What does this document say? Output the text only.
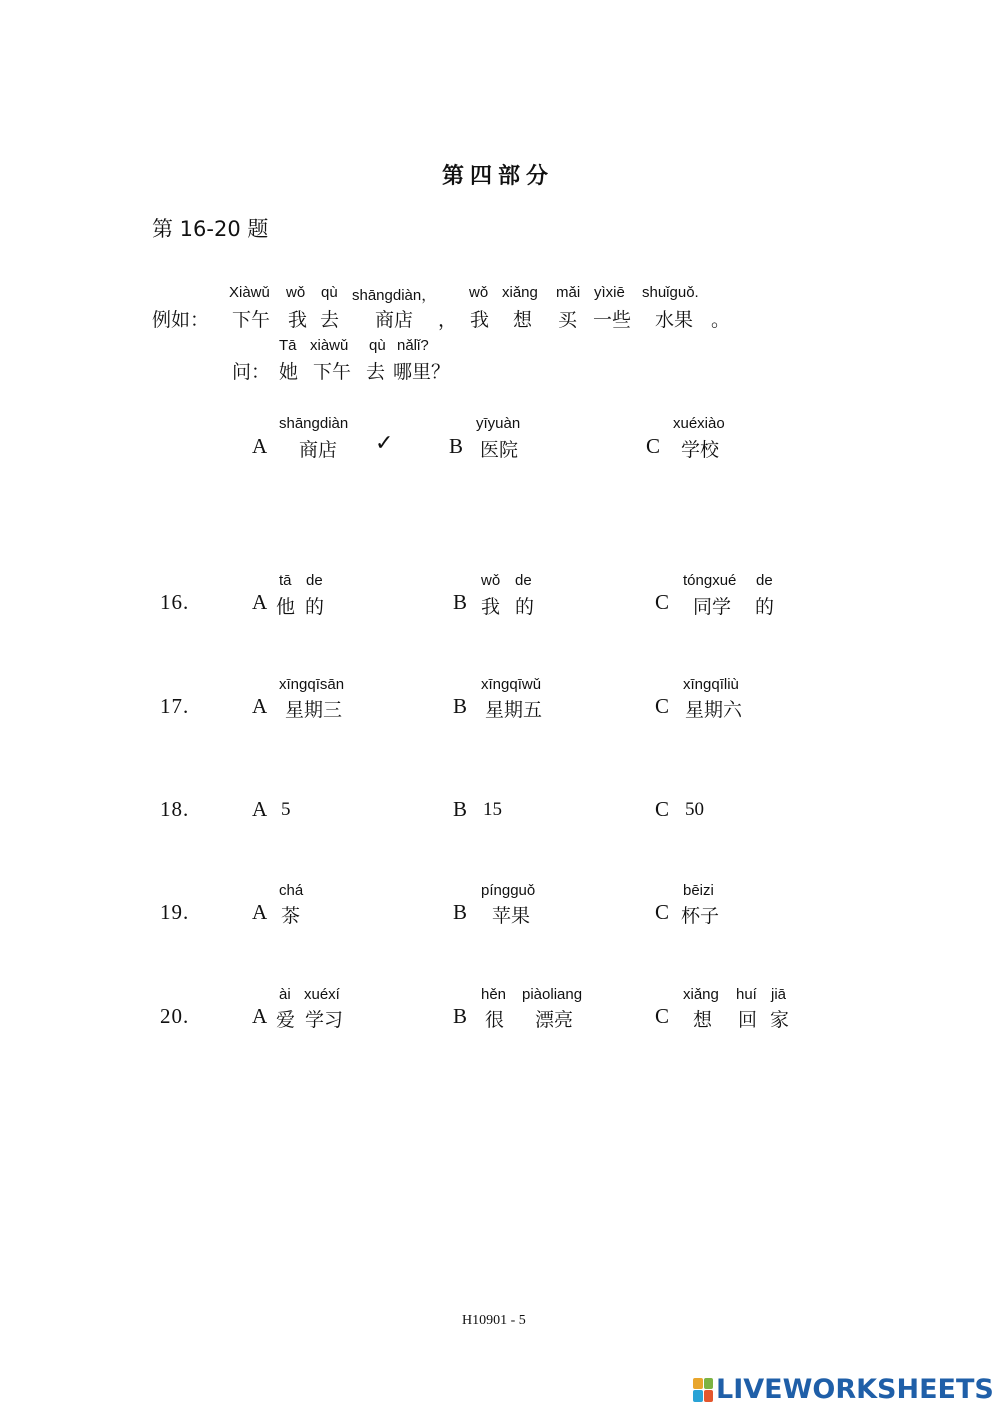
第四部分
第 16-20 题
例如：
Xiàwǔ
下午
wǒ
我
qù
去
shāngdiàn，
商店 ，
wǒ
我
xiǎng
想
mǎi
买
yìxiē
一些
shuǐguǒ.
水果 。
问：
Tā
她
xiàwǔ
下午
qù
去
nǎlǐ?
哪里？
A
shāngdiàn
商店 ✓	B
yīyuàn
医院	C
xuéxiào
学校
16.	A
tā
他
de
的	B
wǒ
我
de
的	C
tóngxué
同学
de
的
17.	A
xīngqīsān
星期三	B
xīngqīwǔ
星期五	C
xīngqīliù
星期六
18.	A 5	B 15	C 50
19.	A
chá
茶	B
píngguǒ
苹果	C
bēizi
杯子
20.	A
ài
爱
xuéxí
学习	B
hěn
很
piàoliang
漂亮	C
xiǎng
想
huí
回
jiā
家
H10901 - 5
LIVEWORKSHEETS
